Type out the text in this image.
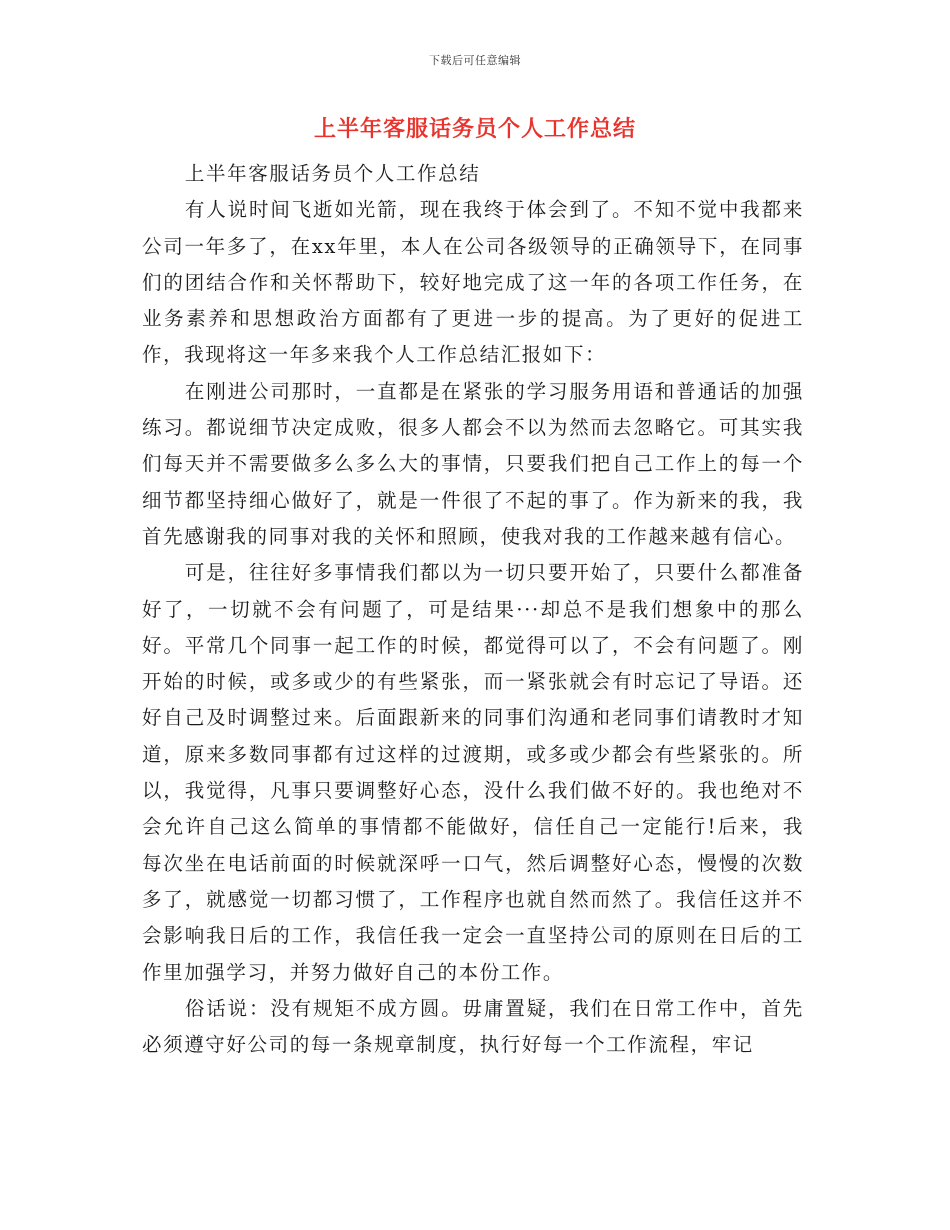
下载后可任意编辑
上半年客服话务员个人工作总结

上半年客服话务员个人工作总结

有人说时间飞逝如光箭，现在我终于体会到了。不知不觉中我都来公司一年多了，在xx年里，本人在公司各级领导的正确领导下，在同事们的团结合作和关怀帮助下，较好地完成了这一年的各项工作任务，在业务素养和思想政治方面都有了更进一步的提高。为了更好的促进工作，我现将这一年多来我个人工作总结汇报如下：

在刚进公司那时，一直都是在紧张的学习服务用语和普通话的加强练习。都说细节决定成败，很多人都会不以为然而去忽略它。可其实我们每天并不需要做多么多么大的事情，只要我们把自己工作上的每一个细节都坚持细心做好了，就是一件很了不起的事了。作为新来的我，我首先感谢我的同事对我的关怀和照顾，使我对我的工作越来越有信心。

可是，往往好多事情我们都以为一切只要开始了，只要什么都准备好了，一切就不会有问题了，可是结果···却总不是我们想象中的那么好。平常几个同事一起工作的时候，都觉得可以了，不会有问题了。刚开始的时候，或多或少的有些紧张，而一紧张就会有时忘记了导语。还好自己及时调整过来。后面跟新来的同事们沟通和老同事们请教时才知道，原来多数同事都有过这样的过渡期，或多或少都会有些紧张的。所以，我觉得，凡事只要调整好心态，没什么我们做不好的。我也绝对不会允许自己这么简单的事情都不能做好，信任自己一定能行!后来，我每次坐在电话前面的时候就深呼一口气，然后调整好心态，慢慢的次数多了，就感觉一切都习惯了，工作程序也就自然而然了。我信任这并不会影响我日后的工作，我信任我一定会一直坚持公司的原则在日后的工作里加强学习，并努力做好自己的本份工作。

俗话说：没有规矩不成方圆。毋庸置疑，我们在日常工作中，首先必须遵守好公司的每一条规章制度，执行好每一个工作流程，牢记
